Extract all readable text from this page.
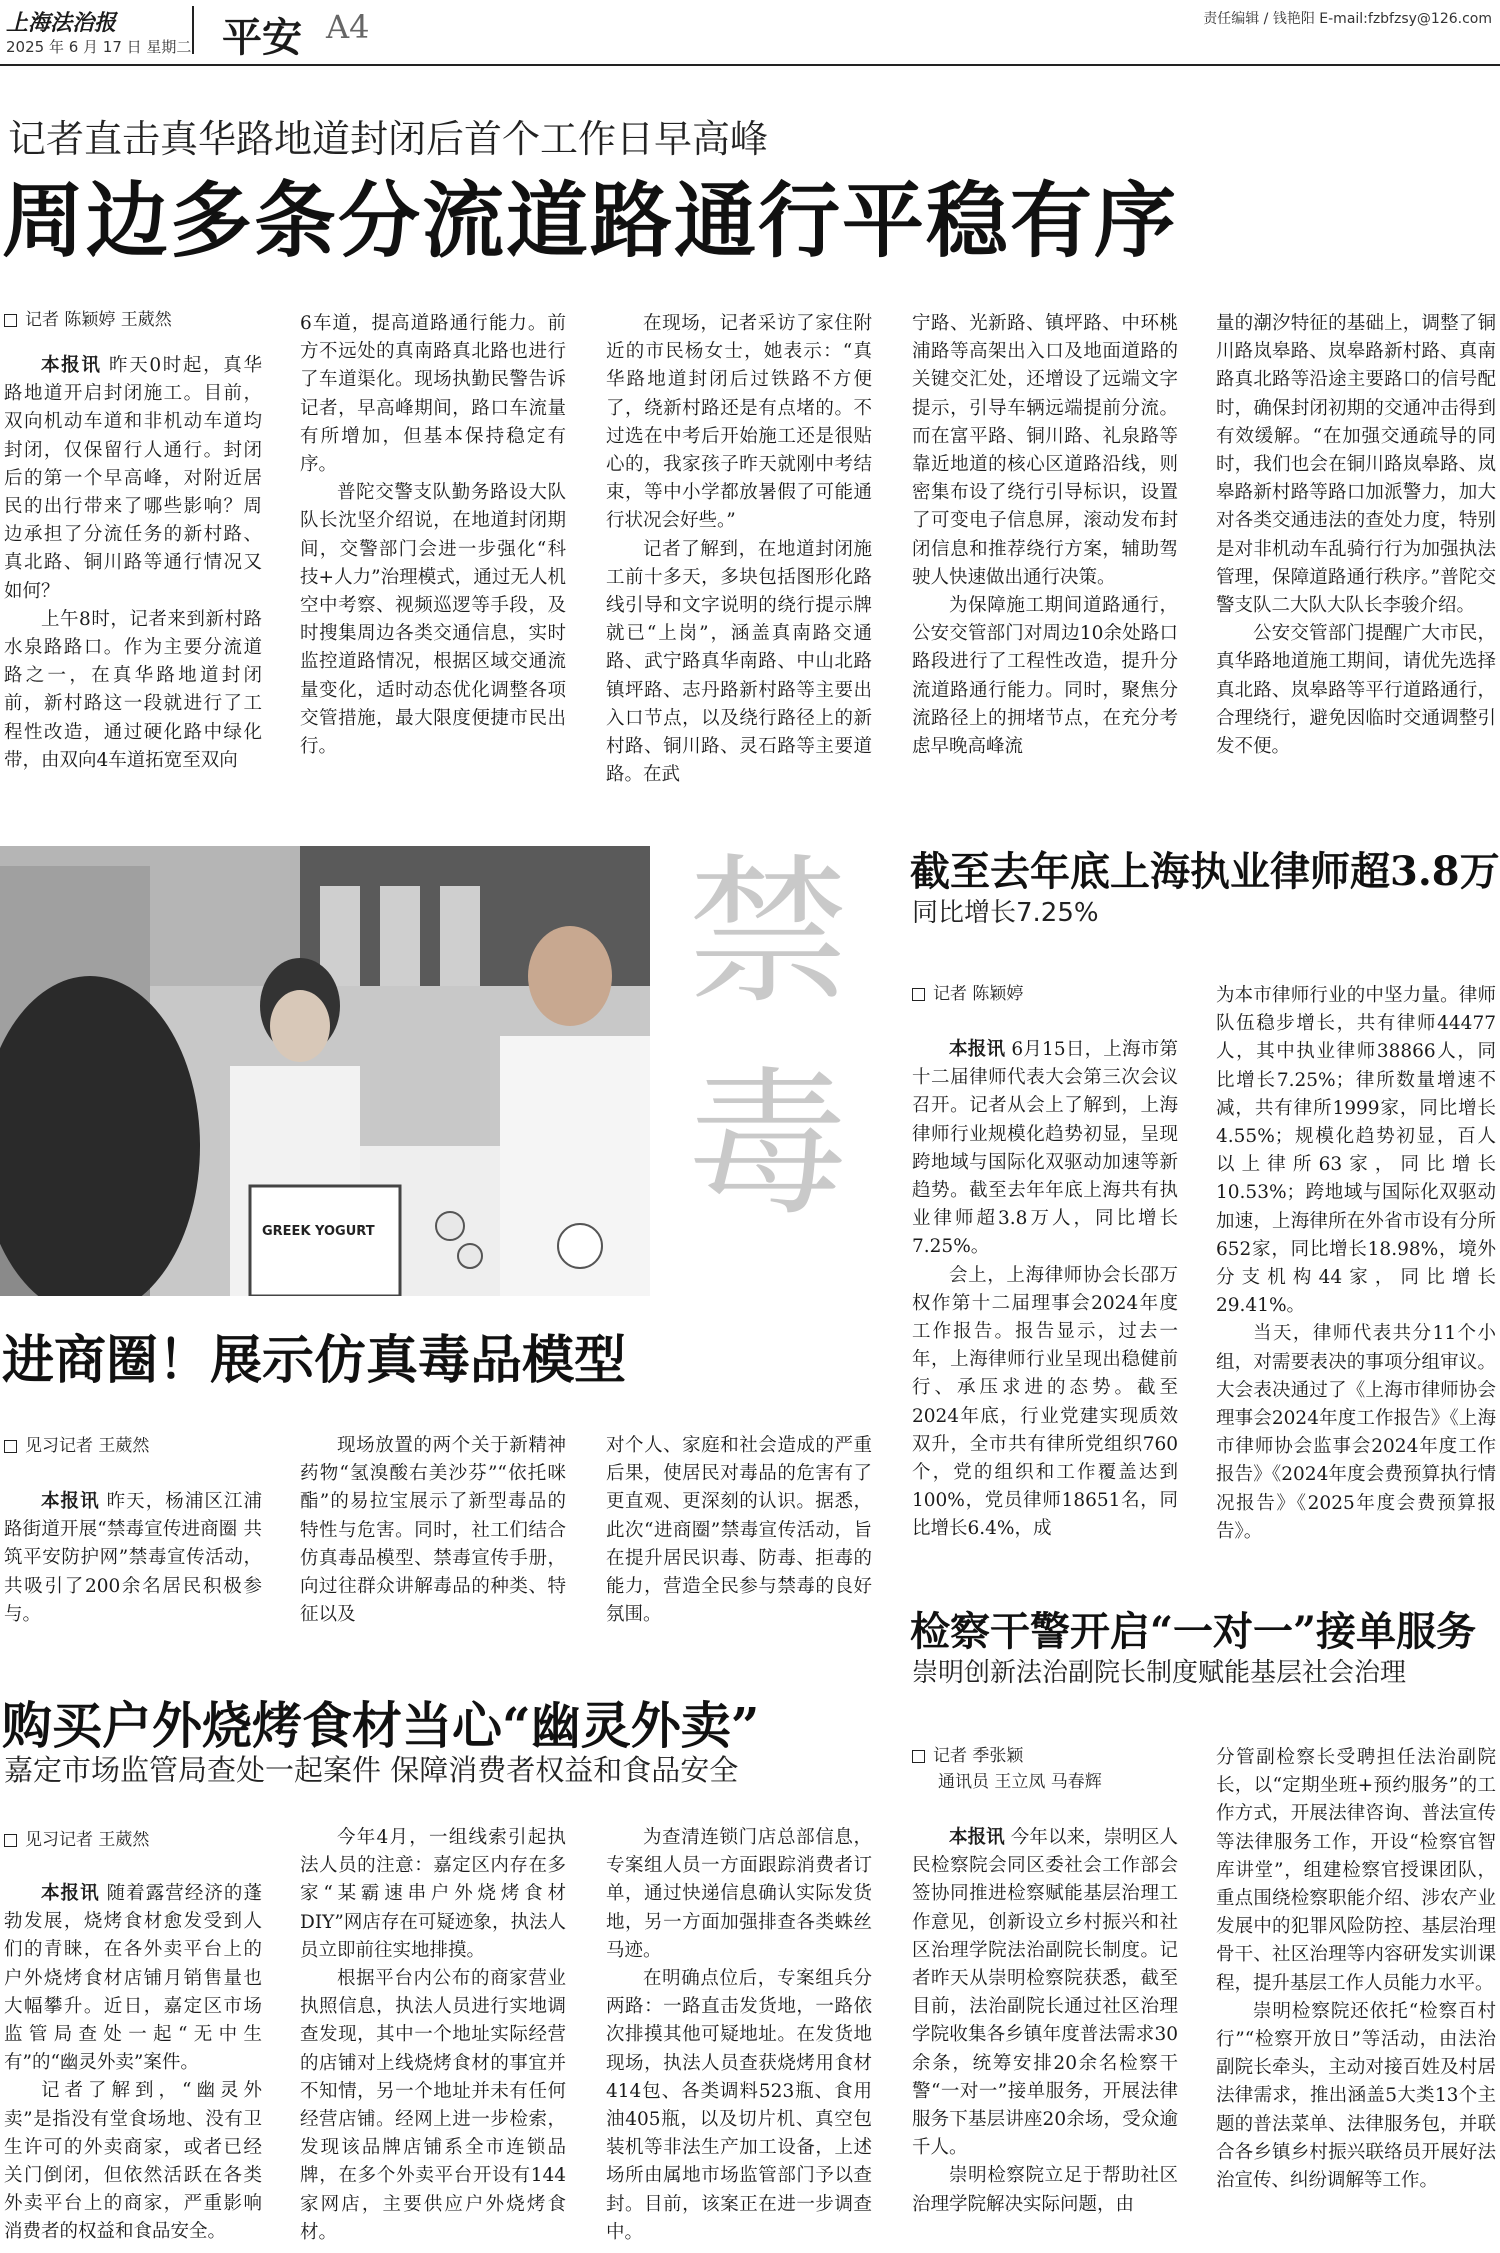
上海法治报
2025 年 6 月 17 日 星期二 平安 A4	责任编辑 / 钱艳阳 E-mail:fzbfzsy@126.com
记者直击真华路地道封闭后首个工作日早高峰
周边多条分流道路通行平稳有序
记者 陈颖婷 王葳然

本报讯 昨天0时起，真华路地道开启封闭施工。目前，双向机动车道和非机动车道均封闭，仅保留行人通行。封闭后的第一个早高峰，对附近居民的出行带来了哪些影响？周边承担了分流任务的新村路、真北路、铜川路等通行情况又如何？

上午8时，记者来到新村路水泉路路口。作为主要分流道路之一，在真华路地道封闭前，新村路这一段就进行了工程性改造，通过硬化路中绿化带，由双向4车道拓宽至双向

6车道，提高道路通行能力。前方不远处的真南路真北路也进行了车道渠化。现场执勤民警告诉记者，早高峰期间，路口车流量有所增加，但基本保持稳定有序。

普陀交警支队勤务路设大队队长沈坚介绍说，在地道封闭期间，交警部门会进一步强化“科技+人力”治理模式，通过无人机空中考察、视频巡逻等手段，及时搜集周边各类交通信息，实时监控道路情况，根据区域交通流量变化，适时动态优化调整各项交管措施，最大限度便捷市民出行。

在现场，记者采访了家住附近的市民杨女士，她表示：“真华路地道封闭后过铁路不方便了，绕新村路还是有点堵的。不过选在中考后开始施工还是很贴心的，我家孩子昨天就刚中考结束，等中小学都放暑假了可能通行状况会好些。”

记者了解到，在地道封闭施工前十多天，多块包括图形化路线引导和文字说明的绕行提示牌就已“上岗”，涵盖真南路交通路、武宁路真华南路、中山北路镇坪路、志丹路新村路等主要出入口节点，以及绕行路径上的新村路、铜川路、灵石路等主要道路。在武

宁路、光新路、镇坪路、中环桃浦路等高架出入口及地面道路的关键交汇处，还增设了远端文字提示，引导车辆远端提前分流。而在富平路、铜川路、礼泉路等靠近地道的核心区道路沿线，则密集布设了绕行引导标识，设置了可变电子信息屏，滚动发布封闭信息和推荐绕行方案，辅助驾驶人快速做出通行决策。

为保障施工期间道路通行，公安交管部门对周边10余处路口路段进行了工程性改造，提升分流道路通行能力。同时，聚焦分流路径上的拥堵节点，在充分考虑早晚高峰流

量的潮汐特征的基础上，调整了铜川路岚皋路、岚皋路新村路、真南路真北路等沿途主要路口的信号配时，确保封闭初期的交通冲击得到有效缓解。“在加强交通疏导的同时，我们也会在铜川路岚皋路、岚皋路新村路等路口加派警力，加大对各类交通违法的查处力度，特别是对非机动车乱骑行行为加强执法管理，保障道路通行秩序。”普陀交警支队二大队大队长李骏介绍。

公安交管部门提醒广大市民，真华路地道施工期间，请优先选择真北路、岚皋路等平行道路通行，合理绕行，避免因临时交通调整引发不便。

GREEK YOGURT
禁
毒
进商圈！展示仿真毒品模型
见习记者 王葳然

本报讯 昨天，杨浦区江浦路街道开展“禁毒宣传进商圈 共筑平安防护网”禁毒宣传活动，共吸引了200余名居民积极参与。

现场放置的两个关于新精神药物“氢溴酸右美沙芬”“依托咪酯”的易拉宝展示了新型毒品的特性与危害。同时，社工们结合仿真毒品模型、禁毒宣传手册，向过往群众讲解毒品的种类、特征以及

对个人、家庭和社会造成的严重后果，使居民对毒品的危害有了更直观、更深刻的认识。据悉，此次“进商圈”禁毒宣传活动，旨在提升居民识毒、防毒、拒毒的能力，营造全民参与禁毒的良好氛围。

截至去年底上海执业律师超3.8万
同比增长7.25%
记者 陈颖婷

本报讯 6月15日，上海市第十二届律师代表大会第三次会议召开。记者从会上了解到，上海律师行业规模化趋势初显，呈现跨地域与国际化双驱动加速等新趋势。截至去年年底上海共有执业律师超3.8万人，同比增长7.25%。

会上，上海律师协会长邵万权作第十二届理事会2024年度工作报告。报告显示，过去一年，上海律师行业呈现出稳健前行、承压求进的态势。截至2024年底，行业党建实现质效双升，全市共有律所党组织760个，党的组织和工作覆盖达到100%，党员律师18651名，同比增长6.4%，成

为本市律师行业的中坚力量。律师队伍稳步增长，共有律师44477人，其中执业律师38866人，同比增长7.25%；律所数量增速不减，共有律所1999家，同比增长4.55%；规模化趋势初显，百人以上律所63家，同比增长10.53%；跨地域与国际化双驱动加速，上海律所在外省市设有分所652家，同比增长18.98%，境外分支机构44家，同比增长29.41%。

当天，律师代表共分11个小组，对需要表决的事项分组审议。大会表决通过了《上海市律师协会理事会2024年度工作报告》《上海市律师协会监事会2024年度工作报告》《2024年度会费预算执行情况报告》《2025年度会费预算报告》。

购买户外烧烤食材当心“幽灵外卖”
嘉定市场监管局查处一起案件 保障消费者权益和食品安全
见习记者 王葳然

本报讯 随着露营经济的蓬勃发展，烧烤食材愈发受到人们的青睐，在各外卖平台上的户外烧烤食材店铺月销售量也大幅攀升。近日，嘉定区市场监管局查处一起“无中生有”的“幽灵外卖”案件。

记者了解到，“幽灵外卖”是指没有堂食场地、没有卫生许可的外卖商家，或者已经关门倒闭，但依然活跃在各类外卖平台上的商家，严重影响消费者的权益和食品安全。

今年4月，一组线索引起执法人员的注意：嘉定区内存在多家“某霸速串户外烧烤食材DIY”网店存在可疑迹象，执法人员立即前往实地排摸。

根据平台内公布的商家营业执照信息，执法人员进行实地调查发现，其中一个地址实际经营的店铺对上线烧烤食材的事宜并不知情，另一个地址并未有任何经营店铺。经网上进一步检索，发现该品牌店铺系全市连锁品牌，在多个外卖平台开设有144家网店，主要供应户外烧烤食材。

为查清连锁门店总部信息，专案组人员一方面跟踪消费者订单，通过快递信息确认实际发货地，另一方面加强排查各类蛛丝马迹。

在明确点位后，专案组兵分两路：一路直击发货地，一路依次排摸其他可疑地址。在发货地现场，执法人员查获烧烤用食材414包、各类调料523瓶、食用油405瓶，以及切片机、真空包装机等非法生产加工设备，上述场所由属地市场监管部门予以查封。目前，该案正在进一步调查中。

检察干警开启“一对一”接单服务
崇明创新法治副院长制度赋能基层社会治理
记者 季张颖
通讯员 王立凤 马春辉

本报讯 今年以来，崇明区人民检察院会同区委社会工作部会签协同推进检察赋能基层治理工作意见，创新设立乡村振兴和社区治理学院法治副院长制度。记者昨天从崇明检察院获悉，截至目前，法治副院长通过社区治理学院收集各乡镇年度普法需求30余条，统筹安排20余名检察干警“一对一”接单服务，开展法律服务下基层讲座20余场，受众逾千人。

崇明检察院立足于帮助社区治理学院解决实际问题，由

分管副检察长受聘担任法治副院长，以“定期坐班+预约服务”的工作方式，开展法律咨询、普法宣传等法律服务工作，开设“检察官智库讲堂”，组建检察官授课团队，重点围绕检察职能介绍、涉农产业发展中的犯罪风险防控、基层治理骨干、社区治理等内容研发实训课程，提升基层工作人员能力水平。

崇明检察院还依托“检察百村行”“检察开放日”等活动，由法治副院长牵头，主动对接百姓及村居法律需求，推出涵盖5大类13个主题的普法菜单、法律服务包，并联合各乡镇乡村振兴联络员开展好法治宣传、纠纷调解等工作。
